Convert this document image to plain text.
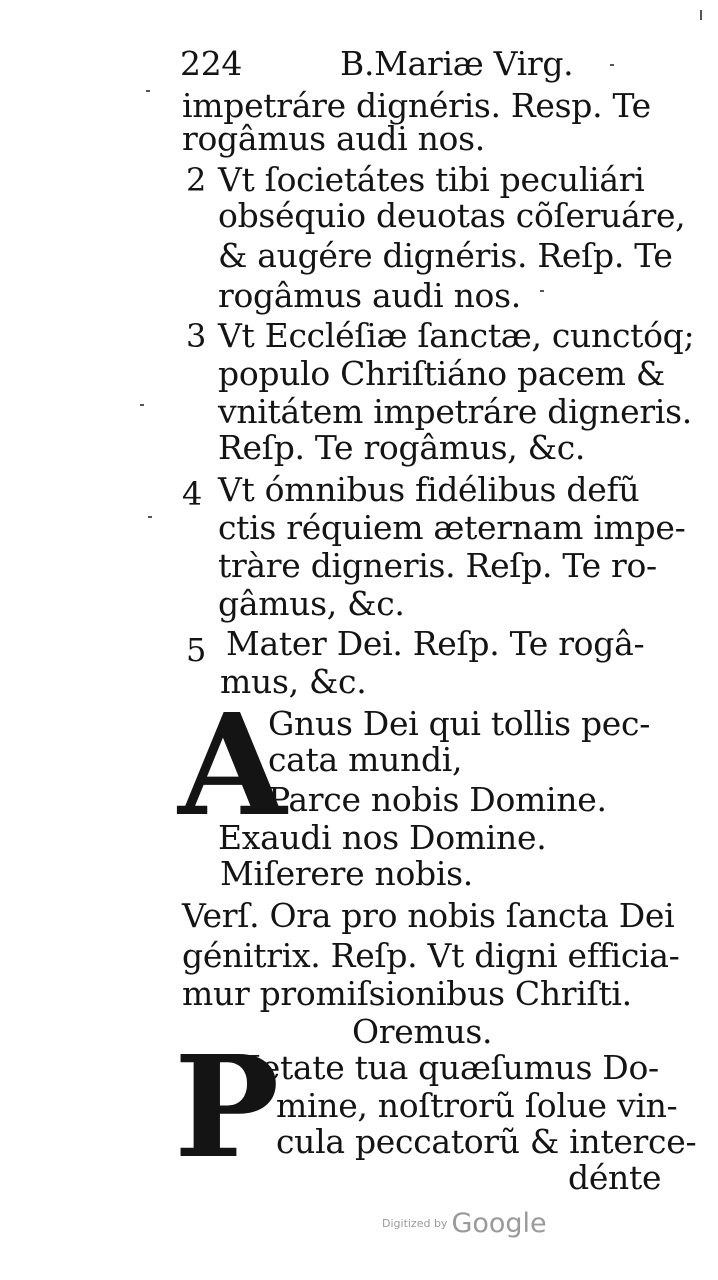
224	B.Mariæ Virg.
impetráre dignéris. Resp. Te
rogâmus audi nos.
2 Vt ſocietátes tibi peculiári
obséquio deuotas cõſeruáre,
& augére dignéris. Reſp. Te
rogâmus audi nos.
3 Vt Eccléſiæ ſanctæ, cunctóq;
populo Chriſtiáno pacem &
vnitátem impetráre digneris.
Reſp. Te rogâmus, &c.
4 Vt ómnibus fidélibus defũ
ctis réquiem æternam impe-
tràre digneris. Reſp. Te ro-
gâmus, &c.
5 Mater Dei. Reſp. Te rogâ-
mus, &c.
A
Gnus Dei qui tollis pec-
cata mundi,
Parce nobis Domine.
Exaudi nos Domine.
Miſerere nobis.
Verſ. Ora pro nobis ſancta Dei
génitrix. Reſp. Vt digni efficia-
mur promiſsionibus Chriſti.
Oremus.
P
Ietate tua quæſumus Do-
mine, noſtrorũ ſolue vin-
cula peccatorũ & interce-
dénte
Digitized by Google
